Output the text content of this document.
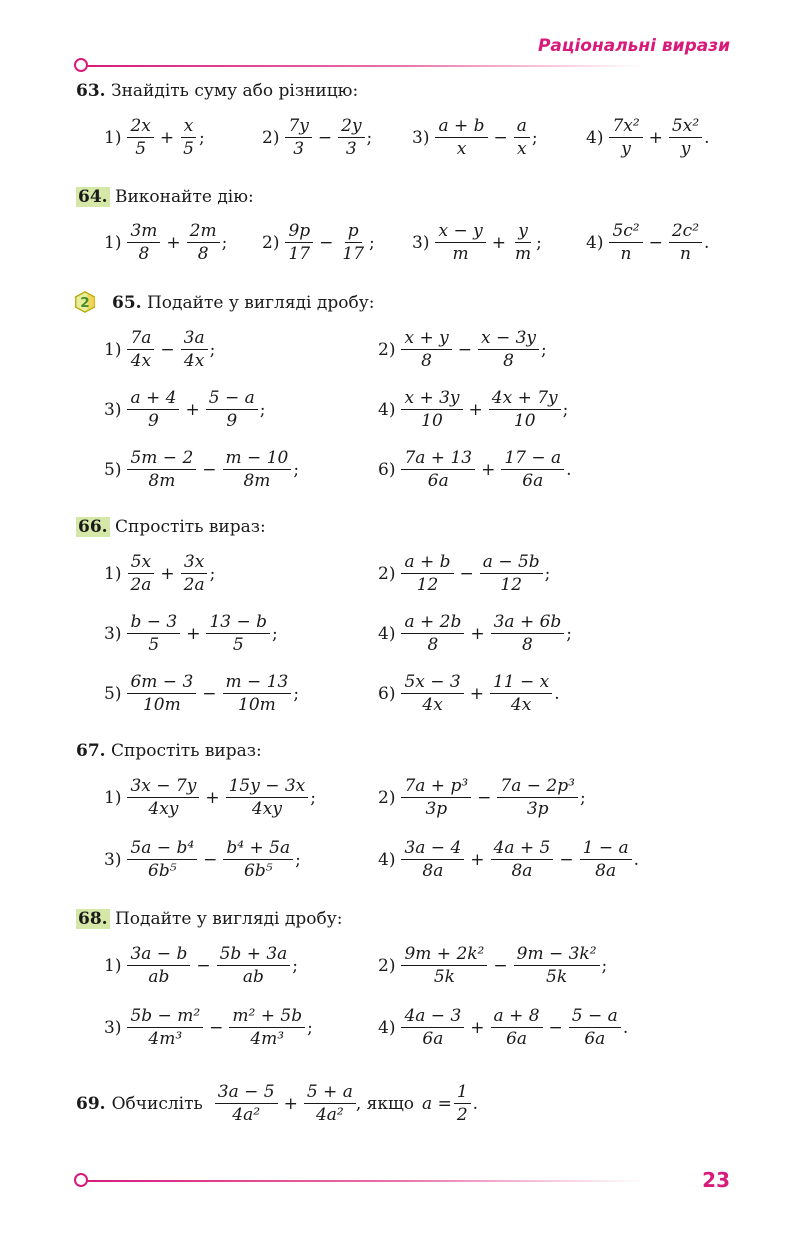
Раціональні вирази
63. Знайдіть суму або різницю:
$1) \frac{2x}{5} + \frac{x}{5}$ ;	$2) \frac{7y}{3} - \frac{2y}{3}$ ; $3) \frac{a + b}{x} - \frac{a}{x}$ ;	$4) \frac{\text{7x²}}{y} + \frac{\text{5x²}}{y}$ .
64. Виконайте дію:
$1) \frac{3m}{8} + \frac{2m}{8}$ ; $2) \frac{9p}{17} - \frac{p}{17}$ ; $3) \frac{x - y}{m} + \frac{y}{m}$ ;	$4) \frac{\text{5c²}}{n} - \frac{\text{2c²}}{n}$ .
2 65. Подайте у вигляді дробу:
$1) \frac{7a}{4x} - \frac{3a}{4x}$ ;	$2) \frac{x + y}{8} - \frac{x - 3y}{8}$ ;
$3) \frac{a + 4}{9} + \frac{5 - a}{9}$ ;	$4) \frac{x + 3y}{10} + \frac{4x + 7y}{10}$ ;
$5) \frac{5m - 2}{8m} - \frac{m - 10}{8m}$ ;	$6) \frac{7a + 13}{6a} + \frac{17 - a}{6a}$ .
66. Спростіть вираз:
$1) \frac{5x}{2a} + \frac{3x}{2a}$ ;	$2) \frac{a + b}{12} - \frac{a - 5b}{12}$ ;
$3) \frac{b - 3}{5} + \frac{13 - b}{5}$ ;	$4) \frac{a + 2b}{8} + \frac{3a + 6b}{8}$ ;
$5) \frac{6m - 3}{10m} - \frac{m - 13}{10m}$ ;	$6) \frac{5x - 3}{4x} + \frac{11 - x}{4x}$ .
67. Спростіть вираз:
$1) \frac{3x - 7y}{4xy} + \frac{15y - 3x}{4xy}$ ;	$2) \frac{\text{7a + p³}}{3p} - \frac{\text{7a − 2p³}}{3p}$ ;
$3) \frac{\text{5a − b⁴}}{\text{6b⁵}} - \frac{\text{b⁴ + 5a}}{\text{6b⁵}}$ ;	$4) \frac{3a - 4}{8a} + \frac{4a + 5}{8a} - \frac{1 - a}{8a}$ .
68. Подайте у вигляді дробу:
$1) \frac{3a - b}{ab} - \frac{5b + 3a}{ab}$ ;	$2) \frac{\text{9m + 2k²}}{5k} - \frac{\text{9m − 3k²}}{5k}$ ;
$3) \frac{\text{5b − m²}}{\text{4m³}} - \frac{\text{m² + 5b}}{\text{4m³}}$ ;	$4) \frac{4a - 3}{6a} + \frac{a + 8}{6a} - \frac{5 - a}{6a}$ .
69. Обчисліть $\frac{3a - 5}{\text{4a²}} + \frac{5 + a}{\text{4a²}}$ , якщо $a = \frac{1}{2}$ .
23
